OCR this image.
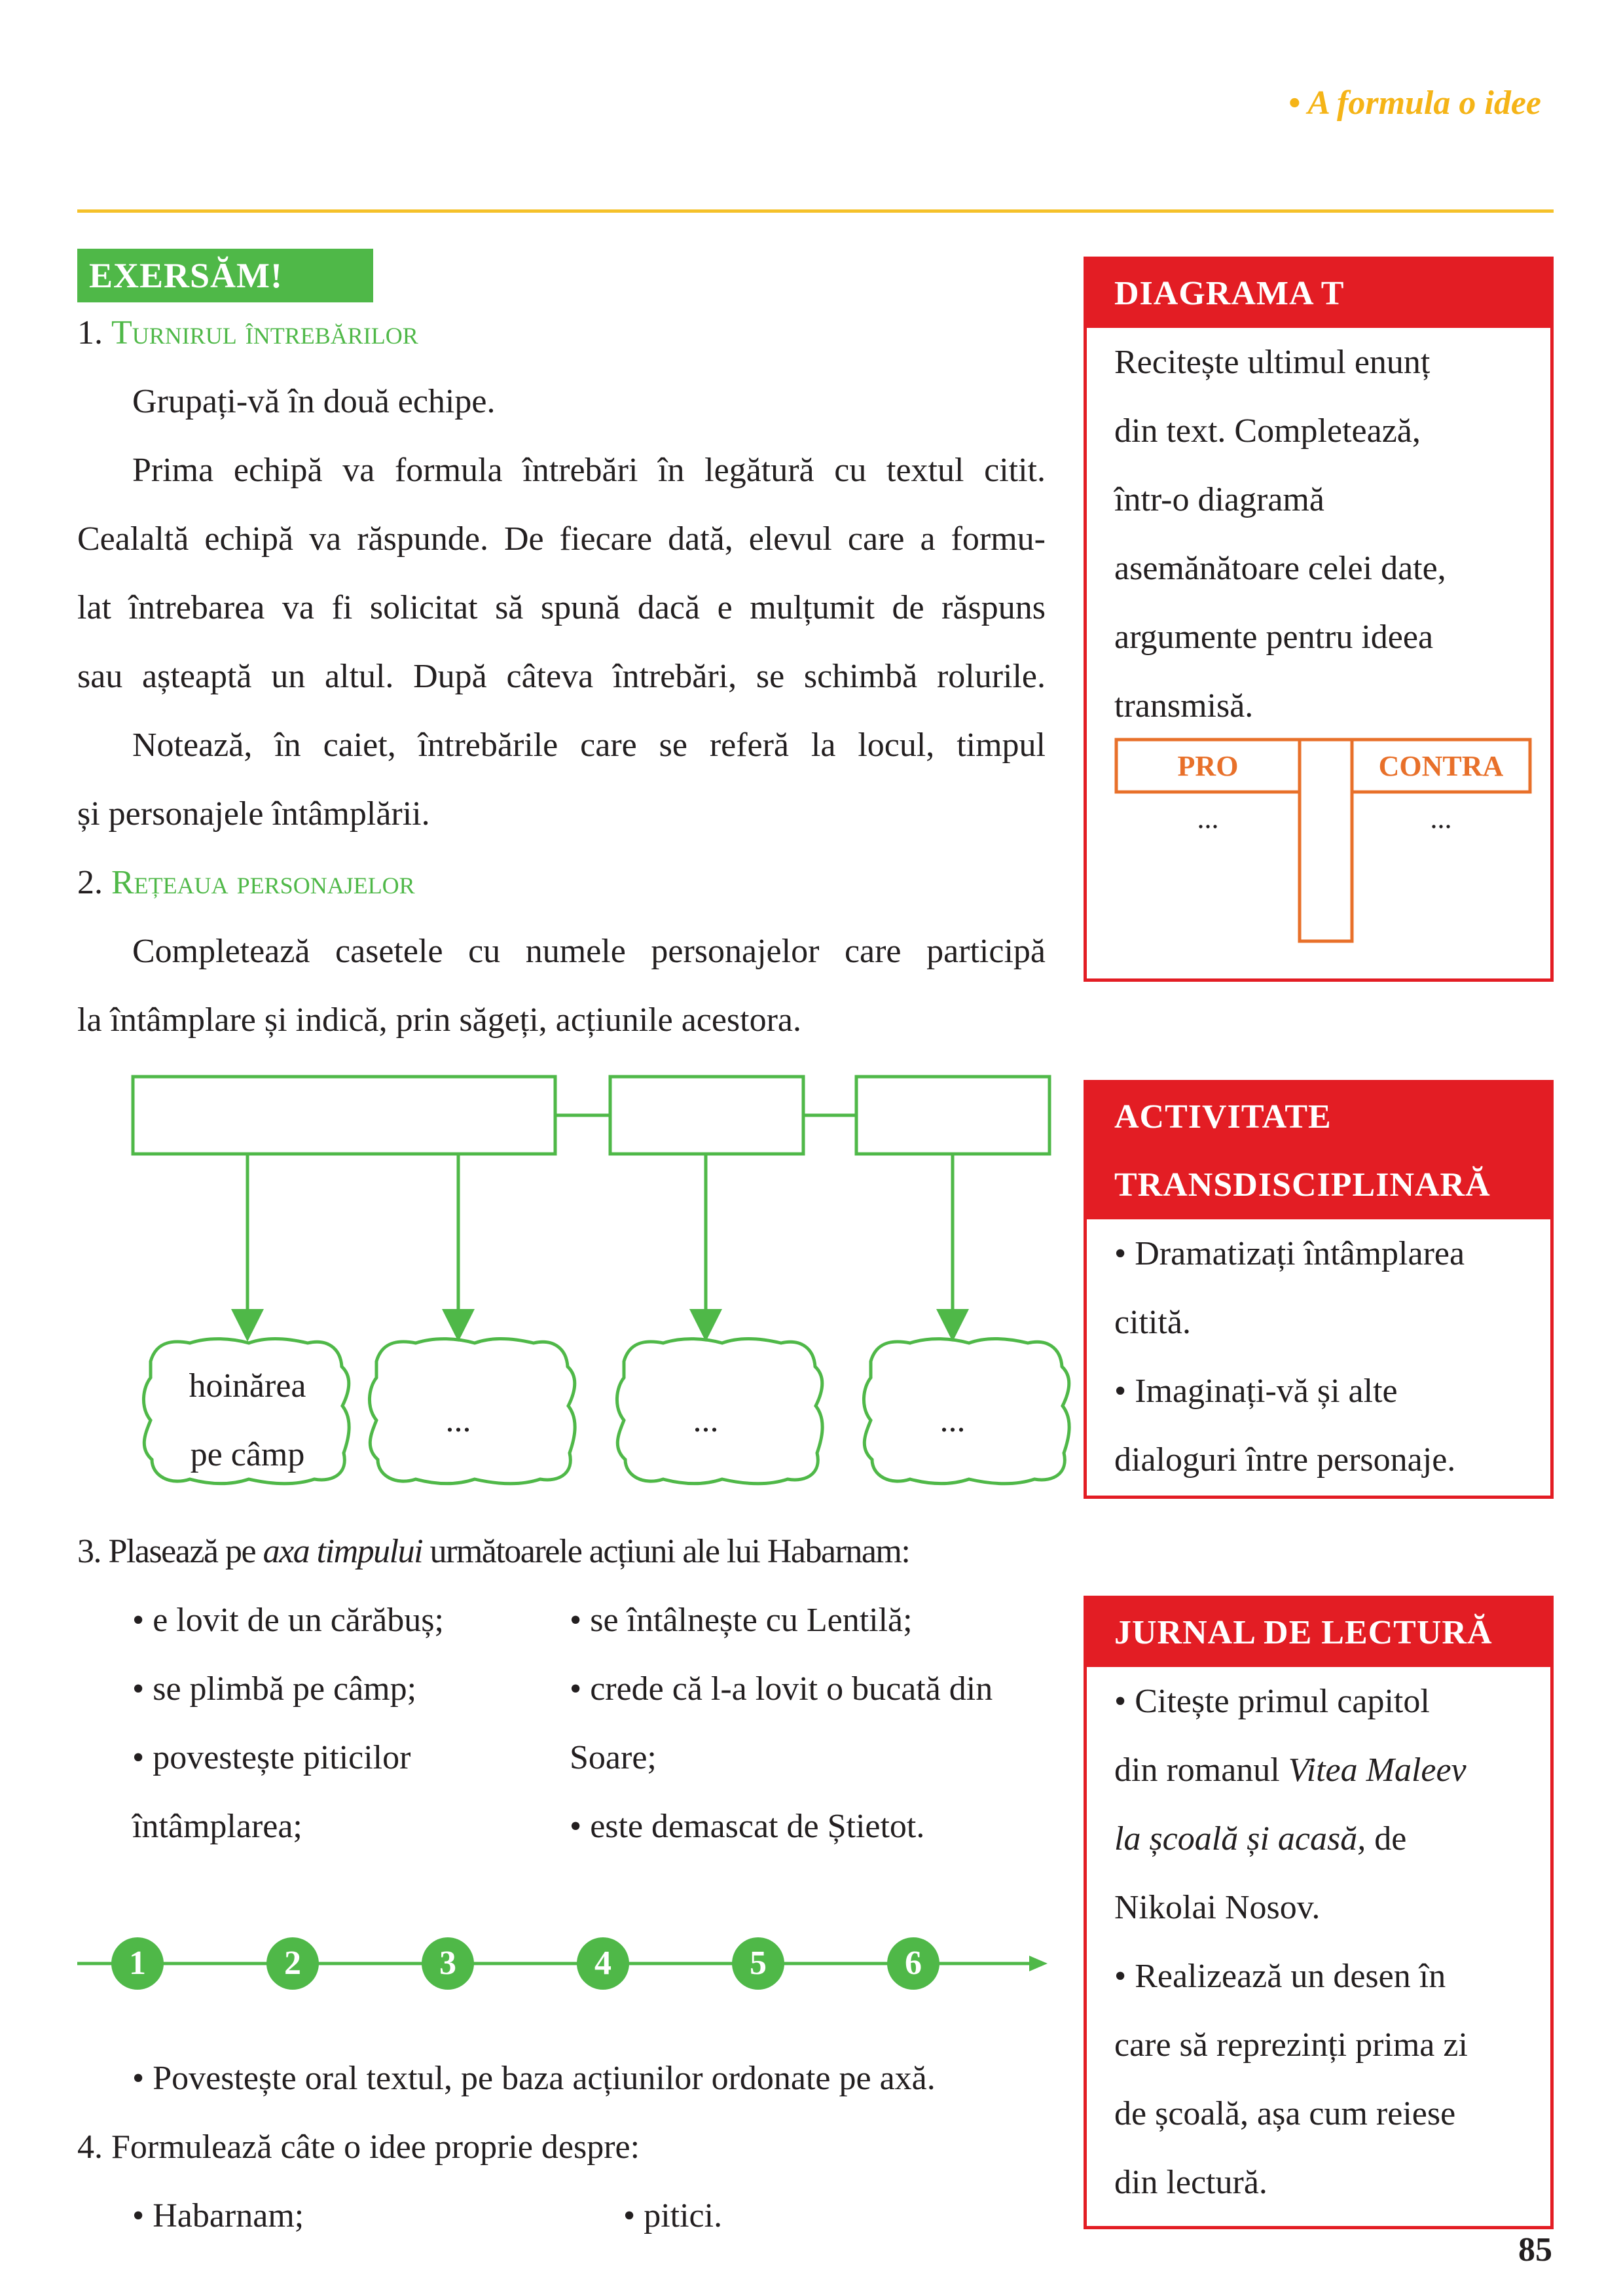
• A formula o idee
EXERSĂM!
1. Turnirul întrebărilor
Grupați-vă în două echipe.
Prima echipă va formula întrebări în legătură cu textul citit.
Cealaltă echipă va răspunde. De fiecare dată, elevul care a formu-
lat întrebarea va fi solicitat să spună dacă e mulțumit de răspuns
sau așteaptă un altul. După câteva întrebări, se schimbă rolurile.
Notează, în caiet, întrebările care se referă la locul, timpul
și personajele întâmplării.
2. Rețeaua personajelor
Completează casetele cu numele personajelor care participă
la întâmplare și indică, prin săgeți, acțiunile acestora.
hoinărea
pe câmp
...	...	...
3. Plasează pe axa timpului următoarele acțiuni ale lui Habarnam:
• e lovit de un cărăbuș;
• se plimbă pe câmp;
• povestește piticilor
întâmplarea;
• se întâlnește cu Lentilă;
• crede că l-a lovit o bucată din
Soare;
• este demascat de Știetot.
1	2	3	4	5	6
• Povestește oral textul, pe baza acțiunilor ordonate pe axă.
4. Formulează câte o idee proprie despre:
• Habarnam;	• pitici.
DIAGRAMA T
Recitește ultimul enunț
din text. Completează,
într-o diagramă
asemănătoare celei date,
argumente pentru ideea
transmisă.
PRO	CONTRA
...	...
ACTIVITATE
TRANSDISCIPLINARĂ
• Dramatizați întâmplarea
citită.
• Imaginați-vă și alte
dialoguri între personaje.
JURNAL DE LECTURĂ
• Citește primul capitol
din romanul Vitea Maleev
la școală și acasă, de
Nikolai Nosov.
• Realizează un desen în
care să reprezinți prima zi
de școală, așa cum reiese
din lectură.
85
